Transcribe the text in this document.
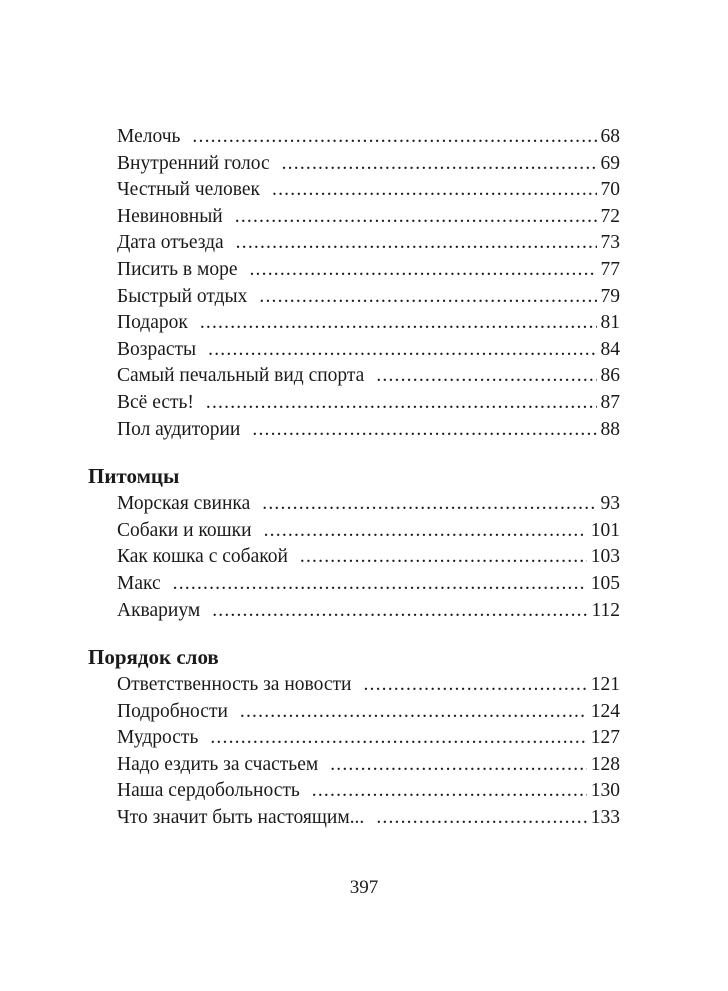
Мелочь .....	68
Внутренний голос .....	69
Честный человек .....	70
Невиновный .....	72
Дата отъезда .....	73
Писить в море .....	77
Быстрый отдых .....	79
Подарок .....	81
Возрасты .....	84
Самый печальный вид спорта .....	86
Всё есть! .....	87
Пол аудитории .....	88
Питомцы
Морская свинка .....	93
Собаки и кошки .....	101
Как кошка с собакой .....	103
Макс .....	105
Аквариум .....	112
Порядок слов
Ответственность за новости .....	121
Подробности .....	124
Мудрость .....	127
Надо ездить за счастьем .....	128
Наша сердобольность .....	130
Что значит быть настоящим... .....	133
397
